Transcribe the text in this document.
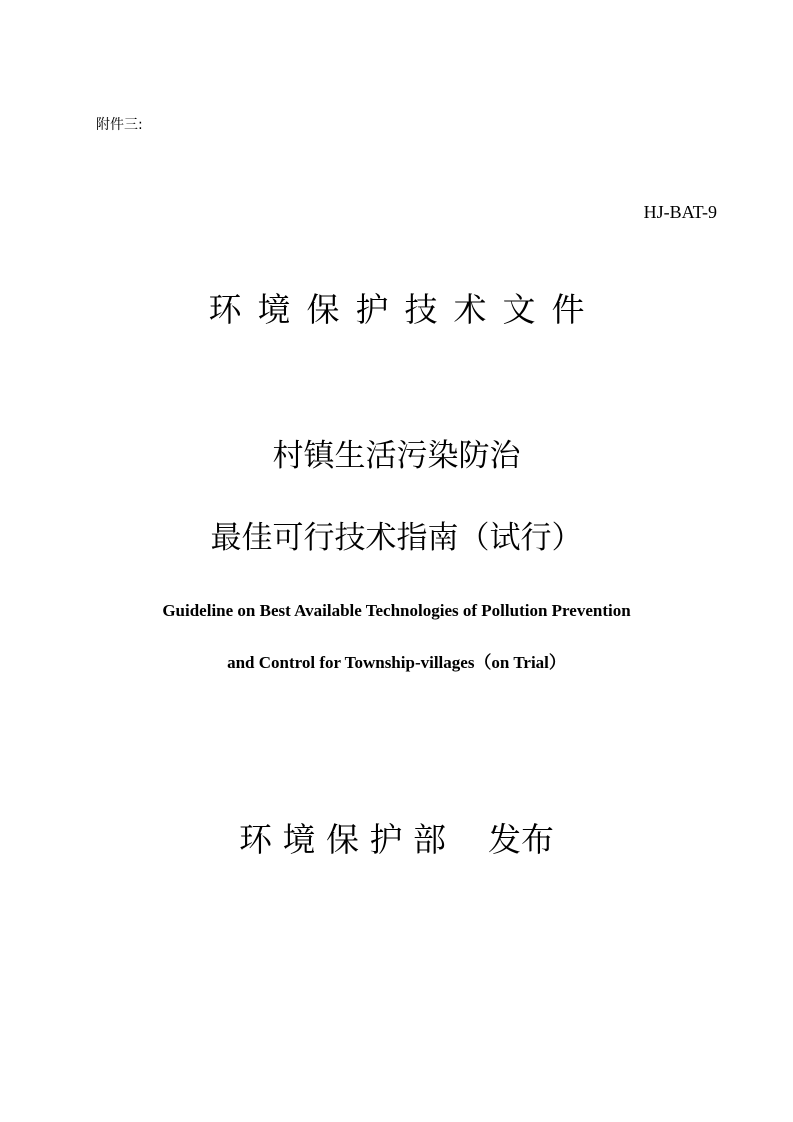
附件三:
HJ-BAT-9
环境保护技术文件
村镇生活污染防治
最佳可行技术指南（试行）
Guideline on Best Available Technologies of Pollution Prevention
and Control for Township-villages（on Trial）
环 境 保 护 部    发布
